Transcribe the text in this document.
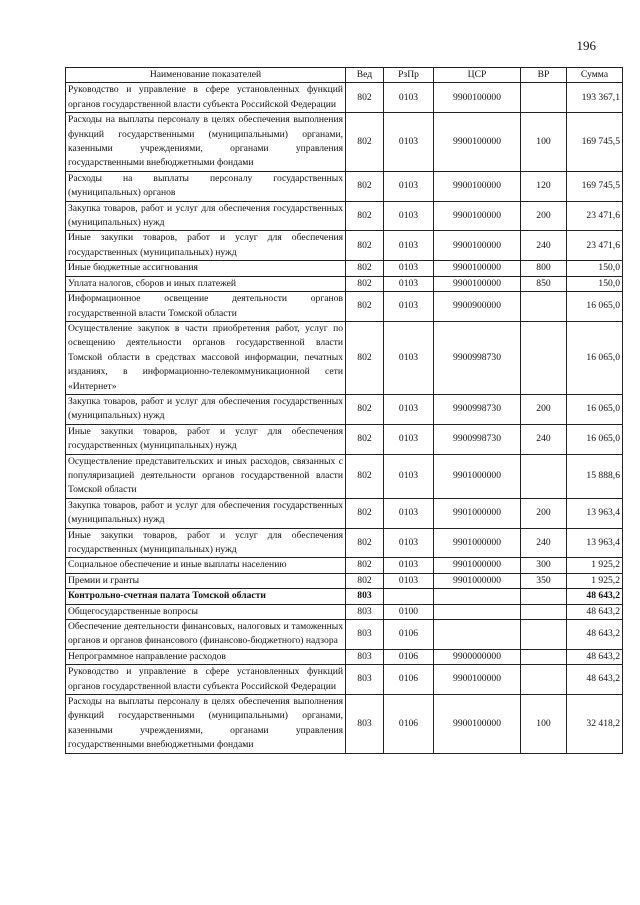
196
Наименование показателей	Вед	РзПр	ЦСР	ВР	Сумма
Руководство и управление в сфере установленных функций органов государственной власти субъекта Российской Федерации	802	0103	9900100000		193 367,1
Расходы на выплаты персоналу в целях обеспечения выполнения функций государственными (муниципальными) органами, казенными учреждениями, органами управления государственными внебюджетными фондами	802	0103	9900100000	100	169 745,5
Расходы на выплаты персоналу государственных (муниципальных) органов	802	0103	9900100000	120	169 745,5
Закупка товаров, работ и услуг для обеспечения государственных (муниципальных) нужд	802	0103	9900100000	200	23 471,6
Иные закупки товаров, работ и услуг для обеспечения государственных (муниципальных) нужд	802	0103	9900100000	240	23 471,6
Иные бюджетные ассигнования	802	0103	9900100000	800	150,0
Уплата налогов, сборов и иных платежей	802	0103	9900100000	850	150,0
Информационное освещение деятельности органов государственной власти Томской области	802	0103	9900900000		16 065,0
Осуществление закупок в части приобретения работ, услуг по освещению деятельности органов государственной власти Томской области в средствах массовой информации, печатных изданиях, в информационно-телекоммуникационной сети «Интернет»	802	0103	9900998730		16 065,0
Закупка товаров, работ и услуг для обеспечения государственных (муниципальных) нужд	802	0103	9900998730	200	16 065,0
Иные закупки товаров, работ и услуг для обеспечения государственных (муниципальных) нужд	802	0103	9900998730	240	16 065,0
Осуществление представительских и иных расходов, связанных с популяризацией деятельности органов государственной власти Томской области	802	0103	9901000000		15 888,6
Закупка товаров, работ и услуг для обеспечения государственных (муниципальных) нужд	802	0103	9901000000	200	13 963,4
Иные закупки товаров, работ и услуг для обеспечения государственных (муниципальных) нужд	802	0103	9901000000	240	13 963,4
Социальное обеспечение и иные выплаты населению	802	0103	9901000000	300	1 925,2
Премии и гранты	802	0103	9901000000	350	1 925,2
Контрольно-счетная палата Томской области	803				48 643,2
Общегосударственные вопросы	803	0100			48 643,2
Обеспечение деятельности финансовых, налоговых и таможенных органов и органов финансового (финансово-бюджетного) надзора	803	0106			48 643,2
Непрограммное направление расходов	803	0106	9900000000		48 643,2
Руководство и управление в сфере установленных функций органов государственной власти субъекта Российской Федерации	803	0106	9900100000		48 643,2
Расходы на выплаты персоналу в целях обеспечения выполнения функций государственными (муниципальными) органами, казенными учреждениями, органами управления государственными внебюджетными фондами	803	0106	9900100000	100	32 418,2
